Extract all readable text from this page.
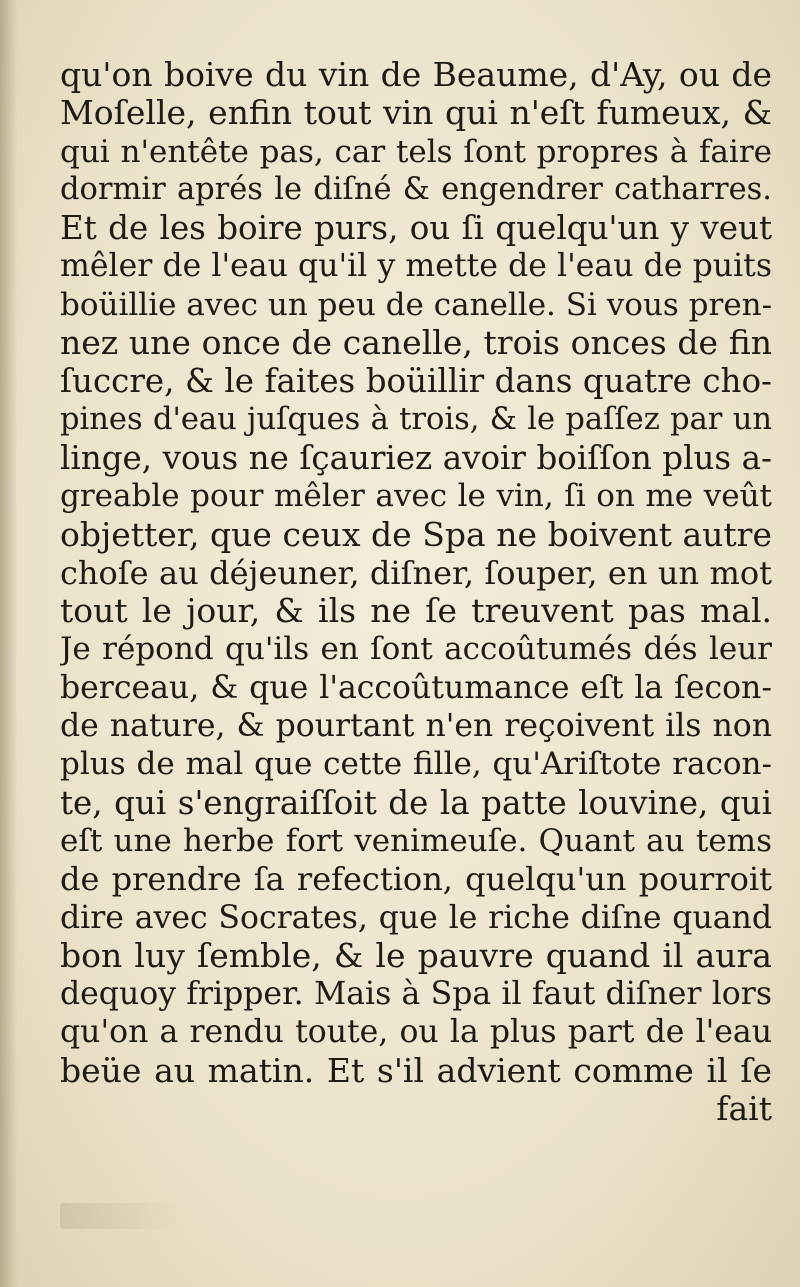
qu'on boive du vin de Beaume, d'Ay, ou de
Moſelle, enfin tout vin qui n'eſt fumeux, &
qui n'entête pas, car tels ſont propres à faire
dormir aprés le diſné & engendrer catharres.
Et de les boire purs, ou ſi quelqu'un y veut
mêler de l'eau qu'il y mette de l'eau de puits
boüillie avec un peu de canelle. Si vous pren-
nez une once de canelle, trois onces de fin
ſuccre, & le faites boüillir dans quatre cho-
pines d'eau juſques à trois, & le paſſez par un
linge, vous ne ſçauriez avoir boiſſon plus a-
greable pour mêler avec le vin, ſi on me veût
objetter, que ceux de Spa ne boivent autre
choſe au déjeuner, diſner, ſouper, en un mot
tout le jour, & ils ne ſe treuvent pas mal.
Je répond qu'ils en ſont accoûtumés dés leur
berceau, & que l'accoûtumance eſt la ſecon-
de nature, & pourtant n'en reçoivent ils non
plus de mal que cette fille, qu'Ariſtote racon-
te, qui s'engraiſſoit de la patte louvine, qui
eſt une herbe fort venimeuſe. Quant au tems
de prendre ſa refection, quelqu'un pourroit
dire avec Socrates, que le riche diſne quand
bon luy ſemble, & le pauvre quand il aura
dequoy fripper. Mais à Spa il faut diſner lors
qu'on a rendu toute, ou la plus part de l'eau
beüe au matin. Et s'il advient comme il ſe
fait
